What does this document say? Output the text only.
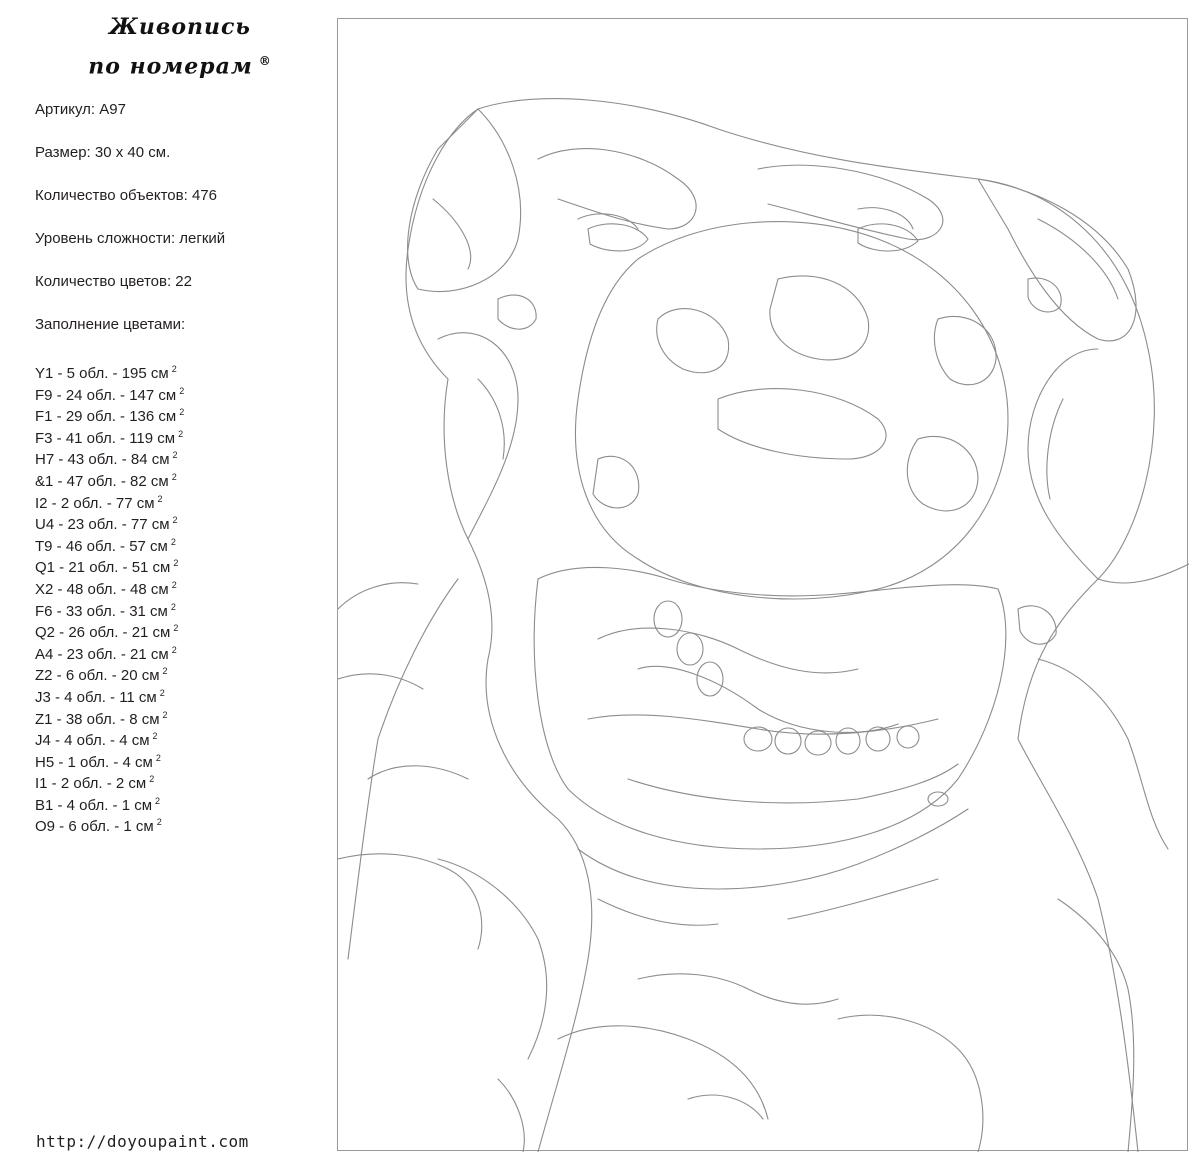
Живопись
по номерам ®
Артикул: A97
Размер: 30 х 40 см.
Количество объектов: 476
Уровень сложности: легкий
Количество цветов: 22
Заполнение цветами:
Y1 - 5 обл. - 195 см $^2$
F9 - 24 обл. - 147 см $^2$
F1 - 29 обл. - 136 см $^2$
F3 - 41 обл. - 119 см $^2$
H7 - 43 обл. - 84 см $^2$
&1 - 47 обл. - 82 см $^2$
I2 - 2 обл. - 77 см $^2$
U4 - 23 обл. - 77 см $^2$
T9 - 46 обл. - 57 см $^2$
Q1 - 21 обл. - 51 см $^2$
X2 - 48 обл. - 48 см $^2$
F6 - 33 обл. - 31 см $^2$
Q2 - 26 обл. - 21 см $^2$
A4 - 23 обл. - 21 см $^2$
Z2 - 6 обл. - 20 см $^2$
J3 - 4 обл. - 11 см $^2$
Z1 - 38 обл. - 8 см $^2$
J4 - 4 обл. - 4 см $^2$
H5 - 1 обл. - 4 см $^2$
I1 - 2 обл. - 2 см $^2$
B1 - 4 обл. - 1 см $^2$
O9 - 6 обл. - 1 см $^2$
http://doyoupaint.com
